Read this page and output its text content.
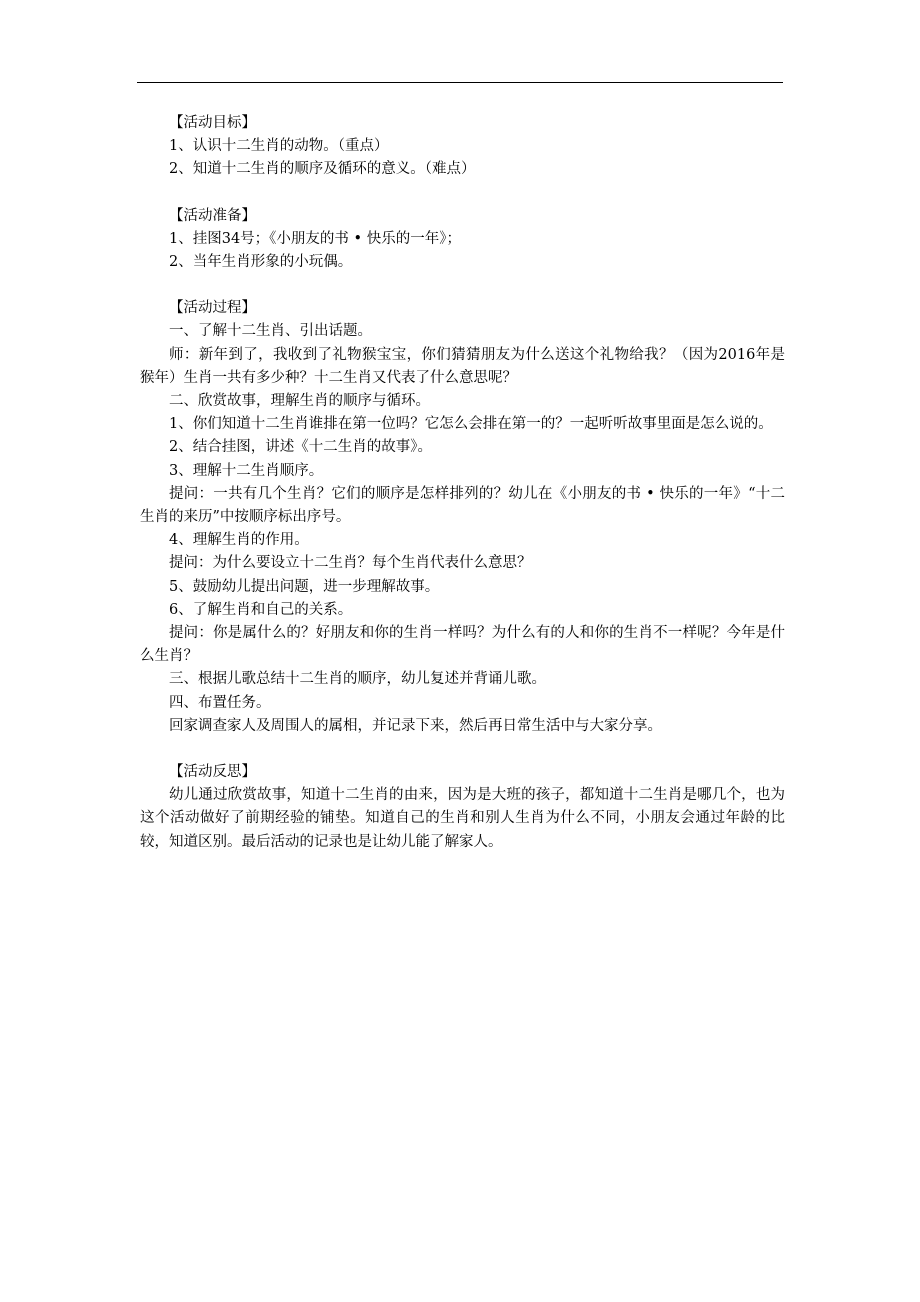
【活动目标】

1、认识十二生肖的动物。（重点）

2、知道十二生肖的顺序及循环的意义。（难点）

【活动准备】

1、挂图34号；《小朋友的书 • 快乐的一年》；

2、当年生肖形象的小玩偶。

【活动过程】

一、了解十二生肖、引出话题。

师：新年到了，我收到了礼物猴宝宝，你们猜猜朋友为什么送这个礼物给我？（因为2016年是猴年）生肖一共有多少种？十二生肖又代表了什么意思呢？

二、欣赏故事，理解生肖的顺序与循环。

1、你们知道十二生肖谁排在第一位吗？它怎么会排在第一的？一起听听故事里面是怎么说的。

2、结合挂图，讲述《十二生肖的故事》。

3、理解十二生肖顺序。

提问：一共有几个生肖？它们的顺序是怎样排列的？幼儿在《小朋友的书 • 快乐的一年》“十二生肖的来历”中按顺序标出序号。

4、理解生肖的作用。

提问：为什么要设立十二生肖？每个生肖代表什么意思？

5、鼓励幼儿提出问题，进一步理解故事。

6、了解生肖和自己的关系。

提问：你是属什么的？好朋友和你的生肖一样吗？为什么有的人和你的生肖不一样呢？今年是什么生肖？

三、根据儿歌总结十二生肖的顺序，幼儿复述并背诵儿歌。

四、布置任务。

回家调查家人及周围人的属相，并记录下来，然后再日常生活中与大家分享。

【活动反思】

幼儿通过欣赏故事，知道十二生肖的由来，因为是大班的孩子，都知道十二生肖是哪几个，也为这个活动做好了前期经验的铺垫。知道自己的生肖和别人生肖为什么不同，小朋友会通过年龄的比较，知道区别。最后活动的记录也是让幼儿能了解家人。
